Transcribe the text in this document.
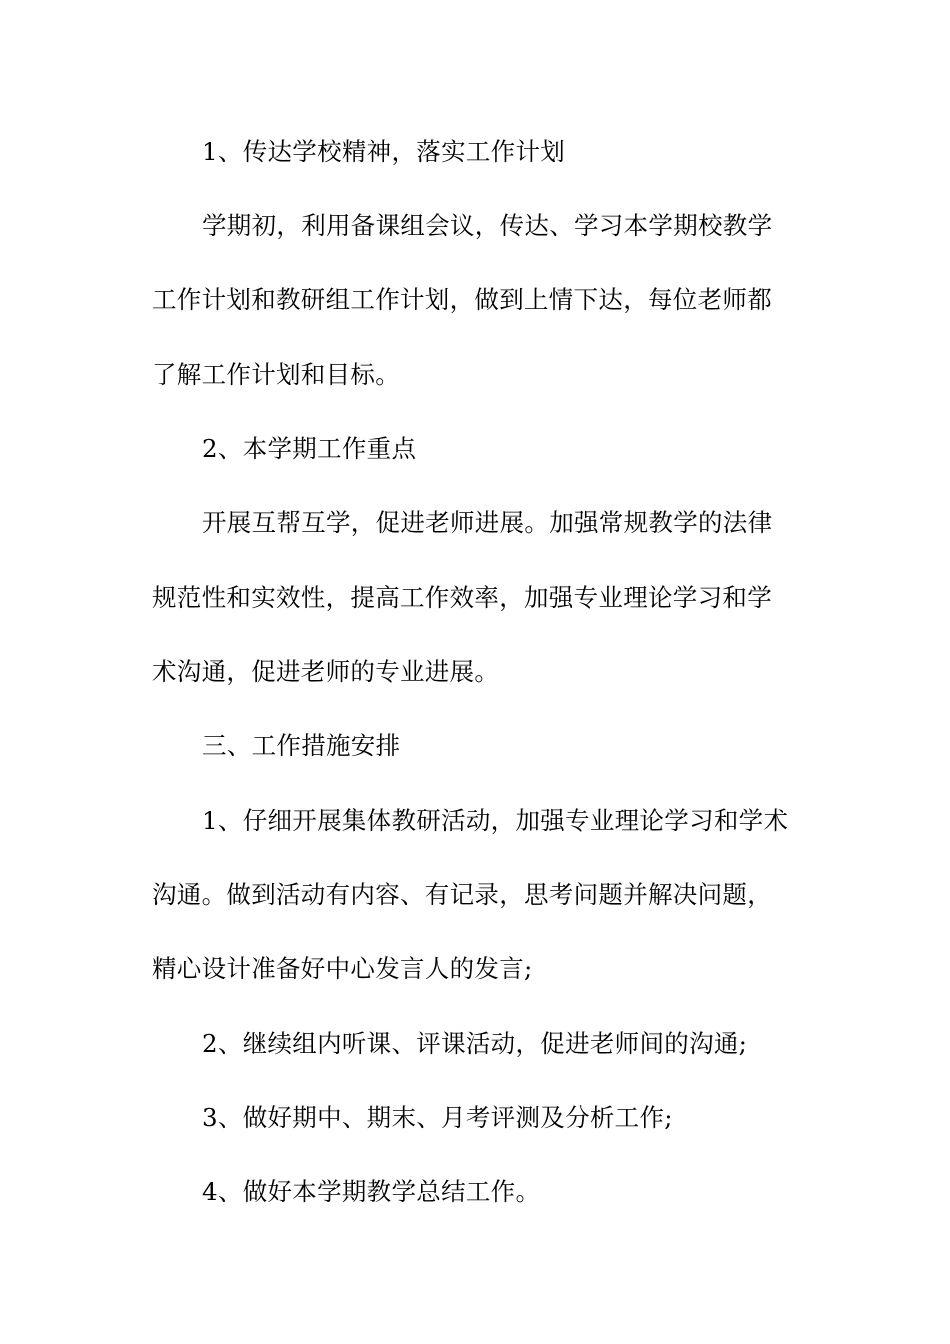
1、传达学校精神，落实工作计划
学期初，利用备课组会议，传达、学习本学期校教学
工作计划和教研组工作计划，做到上情下达，每位老师都
了解工作计划和目标。
2、本学期工作重点
开展互帮互学，促进老师进展。加强常规教学的法律
规范性和实效性，提高工作效率，加强专业理论学习和学
术沟通，促进老师的专业进展。
三、工作措施安排
1、仔细开展集体教研活动，加强专业理论学习和学术
沟通。做到活动有内容、有记录，思考问题并解决问题，
精心设计准备好中心发言人的发言;
2、继续组内听课、评课活动，促进老师间的沟通;
3、做好期中、期末、月考评测及分析工作;
4、做好本学期教学总结工作。
